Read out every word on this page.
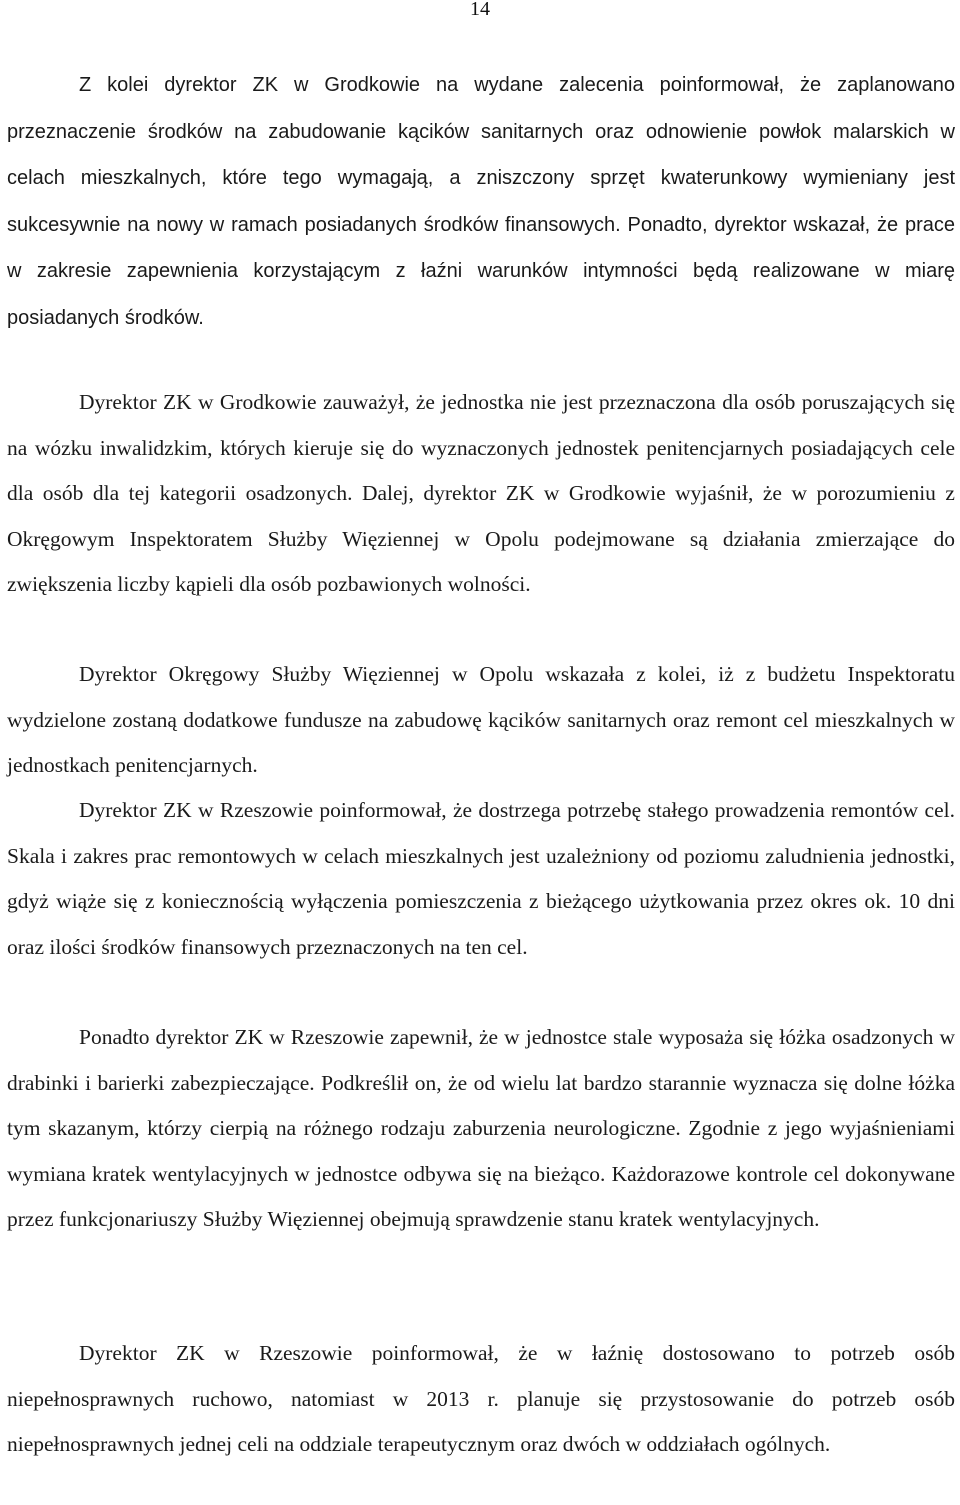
14

Z kolei dyrektor ZK w Grodkowie na wydane zalecenia poinformował, że zaplanowano przeznaczenie środków na zabudowanie kącików sanitarnych oraz odnowienie powłok malarskich w celach mieszkalnych, które tego wymagają, a zniszczony sprzęt kwaterunkowy wymieniany jest sukcesywnie na nowy w ramach posiadanych środków finansowych. Ponadto, dyrektor wskazał, że prace w zakresie zapewnienia korzystającym z łaźni warunków intymności będą realizowane w miarę posiadanych środków.

Dyrektor ZK w Grodkowie zauważył, że jednostka nie jest przeznaczona dla osób poruszających się na wózku inwalidzkim, których kieruje się do wyznaczonych jednostek penitencjarnych posiadających cele dla osób dla tej kategorii osadzonych. Dalej, dyrektor ZK w Grodkowie wyjaśnił, że w porozumieniu z Okręgowym Inspektoratem Służby Więziennej w Opolu podejmowane są działania zmierzające do zwiększenia liczby kąpieli dla osób pozbawionych wolności.

Dyrektor Okręgowy Służby Więziennej w Opolu wskazała z kolei, iż z budżetu Inspektoratu wydzielone zostaną dodatkowe fundusze na zabudowę kącików sanitarnych oraz remont cel mieszkalnych w jednostkach penitencjarnych.

Dyrektor ZK w Rzeszowie poinformował, że dostrzega potrzebę stałego prowadzenia remontów cel. Skala i zakres prac remontowych w celach mieszkalnych jest uzależniony od poziomu zaludnienia jednostki, gdyż wiąże się z koniecznością wyłączenia pomieszczenia z bieżącego użytkowania przez okres ok. 10 dni oraz ilości środków finansowych przeznaczonych na ten cel.

Ponadto dyrektor ZK w Rzeszowie zapewnił, że w jednostce stale wyposaża się łóżka osadzonych w drabinki i barierki zabezpieczające. Podkreślił on, że od wielu lat bardzo starannie wyznacza się dolne łóżka tym skazanym, którzy cierpią na różnego rodzaju zaburzenia neurologiczne. Zgodnie z jego wyjaśnieniami wymiana kratek wentylacyjnych w jednostce odbywa się na bieżąco. Każdorazowe kontrole cel dokonywane przez funkcjonariuszy Służby Więziennej obejmują sprawdzenie stanu kratek wentylacyjnych.

Dyrektor ZK w Rzeszowie poinformował, że w łaźnię dostosowano to potrzeb osób niepełnosprawnych ruchowo, natomiast w 2013 r. planuje się przystosowanie do potrzeb osób niepełnosprawnych jednej celi na oddziale terapeutycznym oraz dwóch w oddziałach ogólnych.
